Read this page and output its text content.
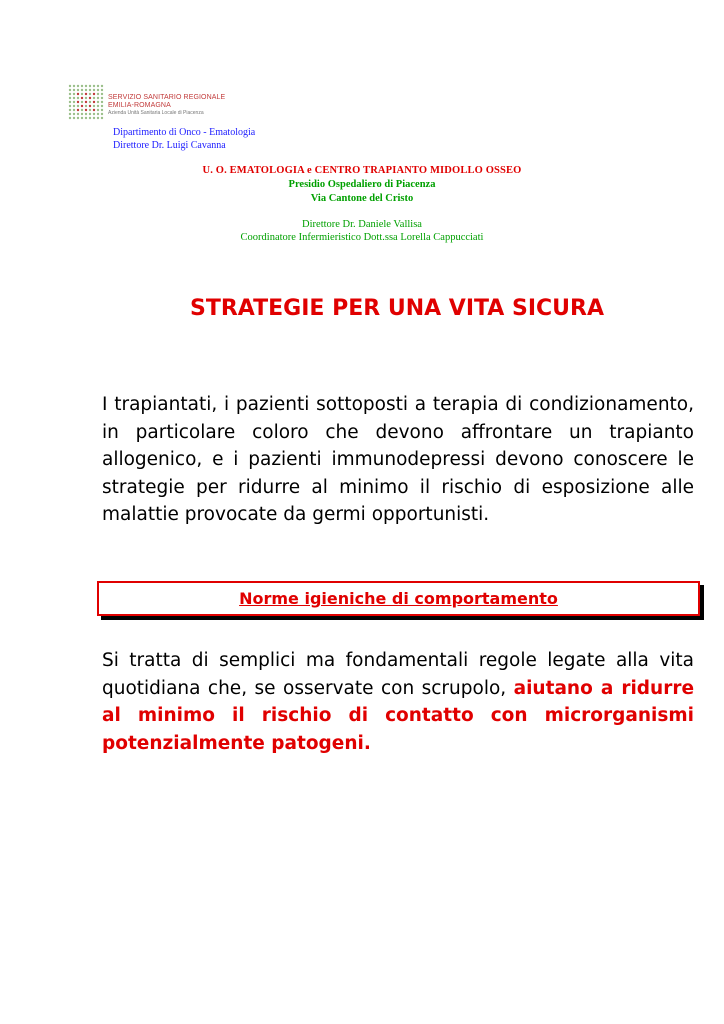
SERVIZIO SANITARIO REGIONALE
EMILIA-ROMAGNA
Azienda Unità Sanitaria Locale di Piacenza
Dipartimento di Onco - Ematologia
Direttore Dr. Luigi Cavanna
U. O. EMATOLOGIA e CENTRO TRAPIANTO MIDOLLO OSSEO
Presidio Ospedaliero di Piacenza
Via Cantone del Cristo
Direttore Dr. Daniele Vallisa
Coordinatore Infermieristico Dott.ssa Lorella Cappucciati
STRATEGIE PER UNA VITA SICURA
I trapiantati, i pazienti sottoposti a terapia di condizionamento, in particolare coloro che devono affrontare un trapianto allogenico, e i pazienti immunodepressi devono conoscere le strategie per ridurre al minimo il rischio di esposizione alle malattie provocate da germi opportunisti.
Norme igieniche di comportamento
Si tratta di semplici ma fondamentali regole legate alla vita quotidiana che, se osservate con scrupolo, aiutano a ridurre al minimo il rischio di contatto con microrganismi potenzialmente patogeni.
